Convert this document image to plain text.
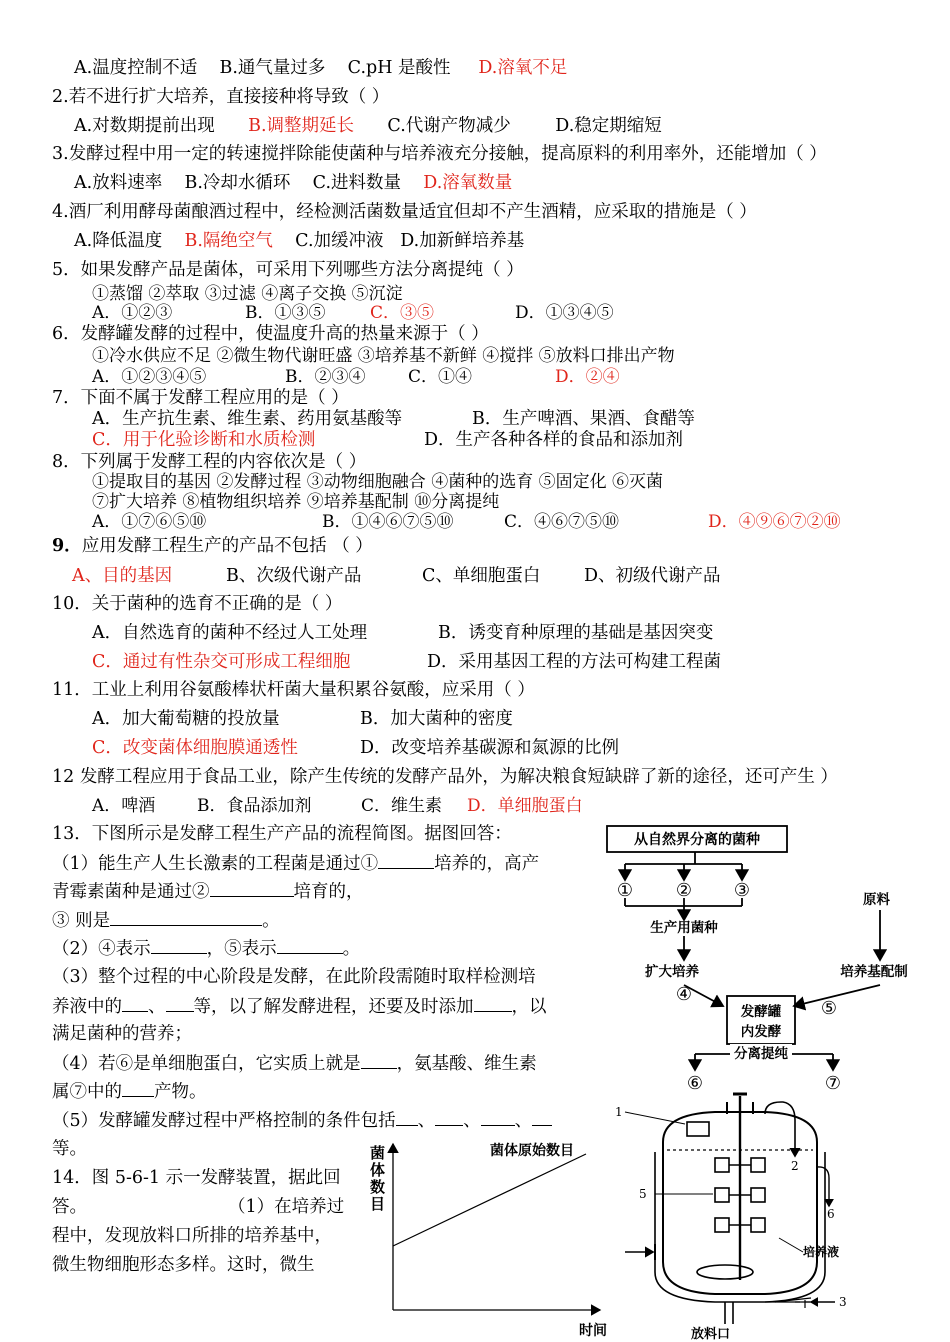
A.温度控制不适 B.通气量过多 C.pH 是酸性 D.溶氧不足
2.若不进行扩大培养，直接接种将导致（ ）
A.对数期提前出现 B.调整期延长 C.代谢产物减少	D.稳定期缩短
3.发酵过程中用一定的转速搅拌除能使菌种与培养液充分接触，提高原料的利用率外，还能增加（ ）
A.放料速率 B.冷却水循环 C.进料数量 D.溶氧数量
4.酒厂利用酵母菌酿酒过程中，经检测活菌数量适宜但却不产生酒精，应采取的措施是（ ）
A.降低温度 B.隔绝空气 C.加缓冲液 D.加新鲜培养基
5．如果发酵产品是菌体，可采用下列哪些方法分离提纯（ ）
①蒸馏 ②萃取 ③过滤 ④离子交换 ⑤沉淀
A．①②③	B．①③⑤	C．③⑤	D．①③④⑤
6．发酵罐发酵的过程中，使温度升高的热量来源于（ ）
①冷水供应不足 ②微生物代谢旺盛 ③培养基不新鲜 ④搅拌 ⑤放料口排出产物
A．①②③④⑤	B．②③④	C．①④	D．②④
7．下面不属于发酵工程应用的是（ ）
A．生产抗生素、维生素、药用氨基酸等	B．生产啤酒、果酒、食醋等
C．用于化验诊断和水质检测	D．生产各种各样的食品和添加剂
8．下列属于发酵工程的内容依次是（ ）
①提取目的基因 ②发酵过程 ③动物细胞融合 ④菌种的选育 ⑤固定化 ⑥灭菌
⑦扩大培养 ⑧植物组织培养 ⑨培养基配制 ⑩分离提纯
A．①⑦⑥⑤⑩	B．①④⑥⑦⑤⑩	C．④⑥⑦⑤⑩	D．④⑨⑥⑦②⑩
9．应用发酵工程生产的产品不包括 （ ）
A、目的基因	B、次级代谢产品	C、单细胞蛋白 D、初级代谢产品
10．关于菌种的选育不正确的是（ ）
A．自然选育的菌种不经过人工处理	B．诱变育种原理的基础是基因突变
C．通过有性杂交可形成工程细胞	D．采用基因工程的方法可构建工程菌
11．工业上利用谷氨酸棒状杆菌大量积累谷氨酸，应采用（ ）
A．加大葡萄糖的投放量	B．加大菌种的密度
C．改变菌体细胞膜通透性	D．改变培养基碳源和氮源的比例
12 发酵工程应用于食品工业，除产生传统的发酵产品外，为解决粮食短缺辟了新的途径，还可产生 ）
A．啤酒 B．食品添加剂	C．维生素 D．单细胞蛋白
13．下图所示是发酵工程生产产品的流程简图。据图回答：
（1）能生产人生长激素的工程菌是通过①	培养的，高产
青霉素菌种是通过②	培育的，
③ 则是	。
（2）④表示	，⑤表示	。
（3）整个过程的中心阶段是发酵，在此阶段需随时取样检测培
养液中的 、 等，以了解发酵进程，还要及时添加 ，以
满足菌种的营养；
（4）若⑥是单细胞蛋白，它实质上就是 ，氨基酸、维生素
属⑦中的 产物。
（5）发酵罐发酵过程中严格控制的条件包括 、 、 、
等。
14．图 5-6-1 示一发酵装置，据此回
答。	（1）在培养过
程中，发现放料口所排的培养基中，
微生物细胞形态多样。这时，微生
从自然界分离的菌种
① ② ③
生产用菌种
原料
扩大培养	培养基配制
④
⑤
发酵罐
内发酵
分离提纯
⑥	⑦
菌
体
数
目
菌体原始数目
时间
1
2
5
6
培养液
3
放料口
